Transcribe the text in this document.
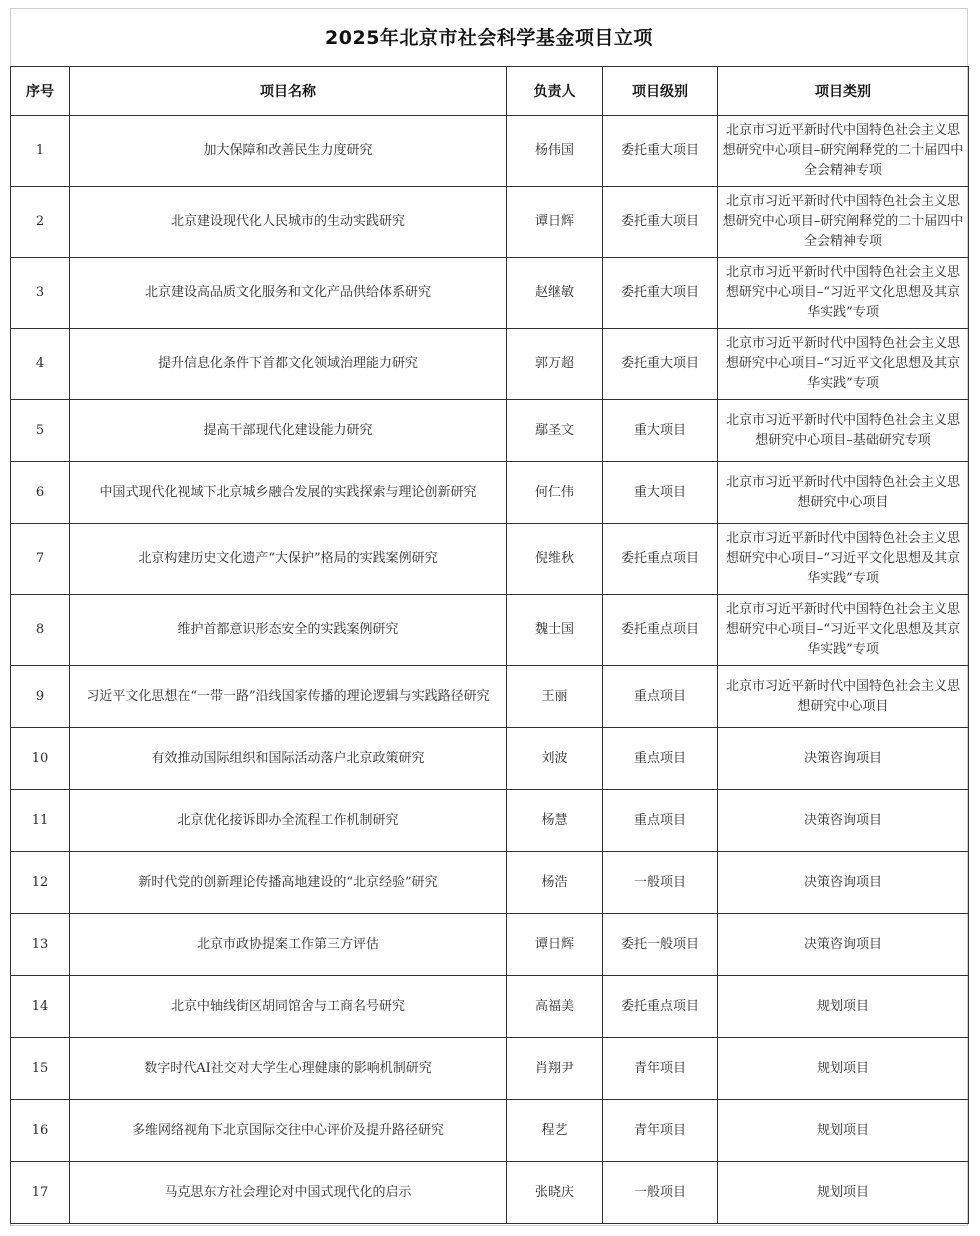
2025年北京市社会科学基金项目立项
序号	项目名称	负责人	项目级别	项目类别
1	加大保障和改善民生力度研究	杨伟国	委托重大项目	北京市习近平新时代中国特色社会主义思想研究中心项目–研究阐释党的二十届四中全会精神专项
2	北京建设现代化人民城市的生动实践研究	谭日辉	委托重大项目	北京市习近平新时代中国特色社会主义思想研究中心项目–研究阐释党的二十届四中全会精神专项
3	北京建设高品质文化服务和文化产品供给体系研究	赵继敏	委托重大项目	北京市习近平新时代中国特色社会主义思想研究中心项目–“习近平文化思想及其京华实践”专项
4	提升信息化条件下首都文化领域治理能力研究	郭万超	委托重大项目	北京市习近平新时代中国特色社会主义思想研究中心项目–“习近平文化思想及其京华实践”专项
5	提高干部现代化建设能力研究	鄢圣文	重大项目	北京市习近平新时代中国特色社会主义思想研究中心项目–基础研究专项
6	中国式现代化视域下北京城乡融合发展的实践探索与理论创新研究	何仁伟	重大项目	北京市习近平新时代中国特色社会主义思想研究中心项目
7	北京构建历史文化遗产“大保护”格局的实践案例研究	倪维秋	委托重点项目	北京市习近平新时代中国特色社会主义思想研究中心项目–“习近平文化思想及其京华实践”专项
8	维护首都意识形态安全的实践案例研究	魏士国	委托重点项目	北京市习近平新时代中国特色社会主义思想研究中心项目–“习近平文化思想及其京华实践”专项
9	习近平文化思想在“一带一路”沿线国家传播的理论逻辑与实践路径研究	王丽	重点项目	北京市习近平新时代中国特色社会主义思想研究中心项目
10	有效推动国际组织和国际活动落户北京政策研究	刘波	重点项目	决策咨询项目
11	北京优化接诉即办全流程工作机制研究	杨慧	重点项目	决策咨询项目
12	新时代党的创新理论传播高地建设的“北京经验”研究	杨浩	一般项目	决策咨询项目
13	北京市政协提案工作第三方评估	谭日辉	委托一般项目	决策咨询项目
14	北京中轴线街区胡同馆舍与工商名号研究	高福美	委托重点项目	规划项目
15	数字时代AI社交对大学生心理健康的影响机制研究	肖翔尹	青年项目	规划项目
16	多维网络视角下北京国际交往中心评价及提升路径研究	程艺	青年项目	规划项目
17	马克思东方社会理论对中国式现代化的启示	张晓庆	一般项目	规划项目
